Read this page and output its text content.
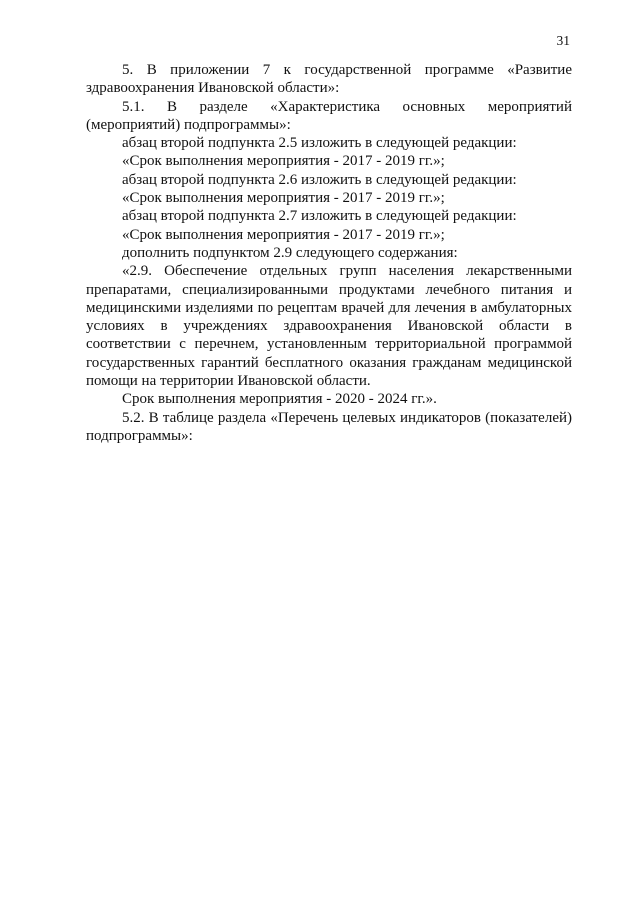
31

5. В приложении 7 к государственной программе «Развитие здравоохранения Ивановской области»:

5.1. В разделе «Характеристика основных мероприятий (мероприятий) подпрограммы»:

абзац второй подпункта 2.5 изложить в следующей редакции:

«Срок выполнения мероприятия - 2017 - 2019 гг.»;

абзац второй подпункта 2.6 изложить в следующей редакции:

«Срок выполнения мероприятия - 2017 - 2019 гг.»;

абзац второй подпункта 2.7 изложить в следующей редакции:

«Срок выполнения мероприятия - 2017 - 2019 гг.»;

дополнить подпунктом 2.9 следующего содержания:

«2.9. Обеспечение отдельных групп населения лекарственными препаратами, специализированными продуктами лечебного питания и медицинскими изделиями по рецептам врачей для лечения в амбулаторных условиях в учреждениях здравоохранения Ивановской области в соответствии с перечнем, установленным территориальной программой государственных гарантий бесплатного оказания гражданам медицинской помощи на территории Ивановской области.

Срок выполнения мероприятия - 2020 - 2024 гг.».

5.2. В таблице раздела «Перечень целевых индикаторов (показателей) подпрограммы»:
